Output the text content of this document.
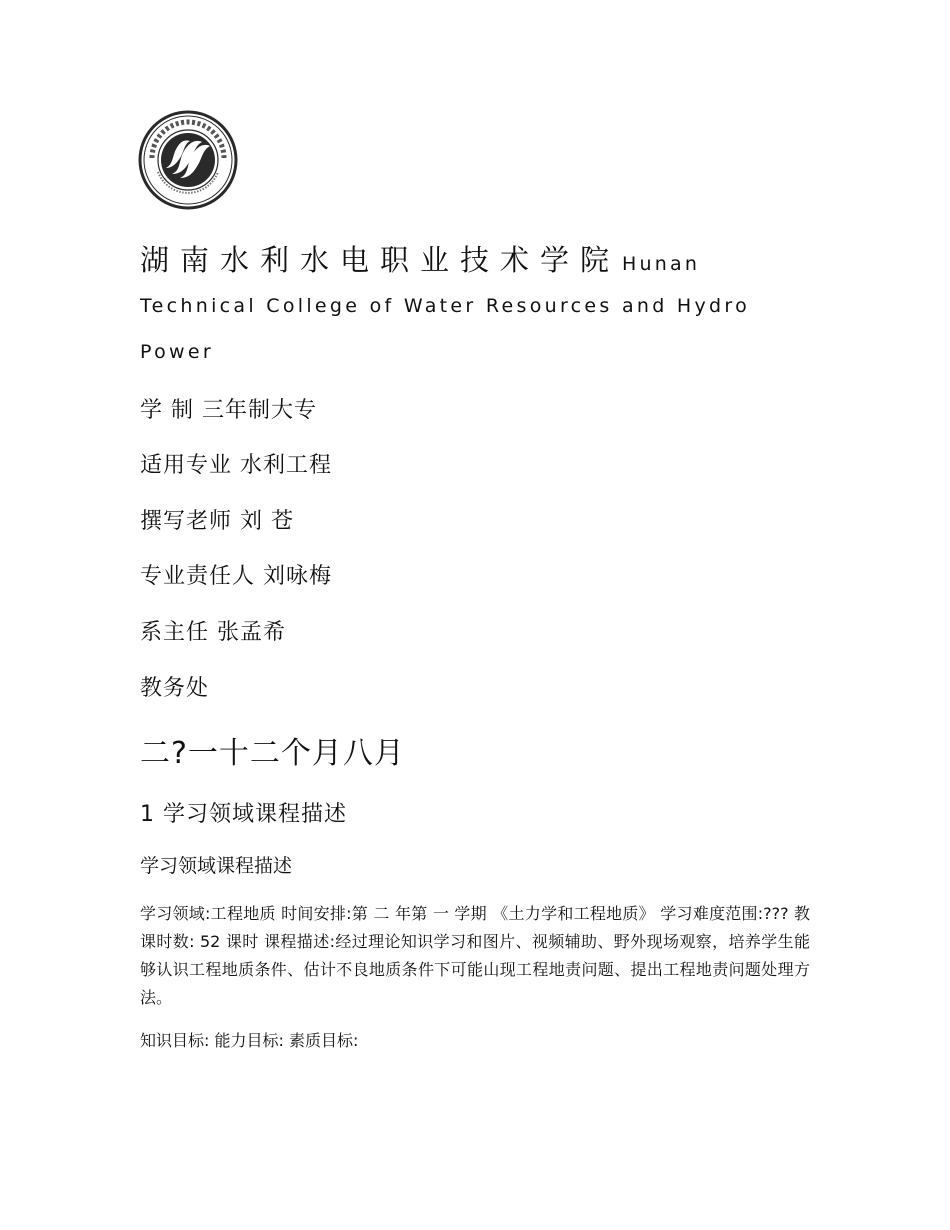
湖南水利水电职业技术学院 Hunan

Technical College of Water Resources and Hydro

Power

学 制 三年制大专

适用专业 水利工程

撰写老师 刘 苍

专业责任人 刘咏梅

系主任 张孟希

教务处

二?一十二个月八月

1 学习领域课程描述

学习领域课程描述

学习领域:工程地质 时间安排:第 二 年第 一 学期 《土力学和工程地质》 学习难度范围:??? 教课时数: 52 课时 课程描述:经过理论知识学习和图片、视频辅助、野外现场观察，培养学生能够认识工程地质条件、估计不良地质条件下可能山现工程地责问题、提出工程地责问题处理方法。

知识目标: 能力目标: 素质目标:
